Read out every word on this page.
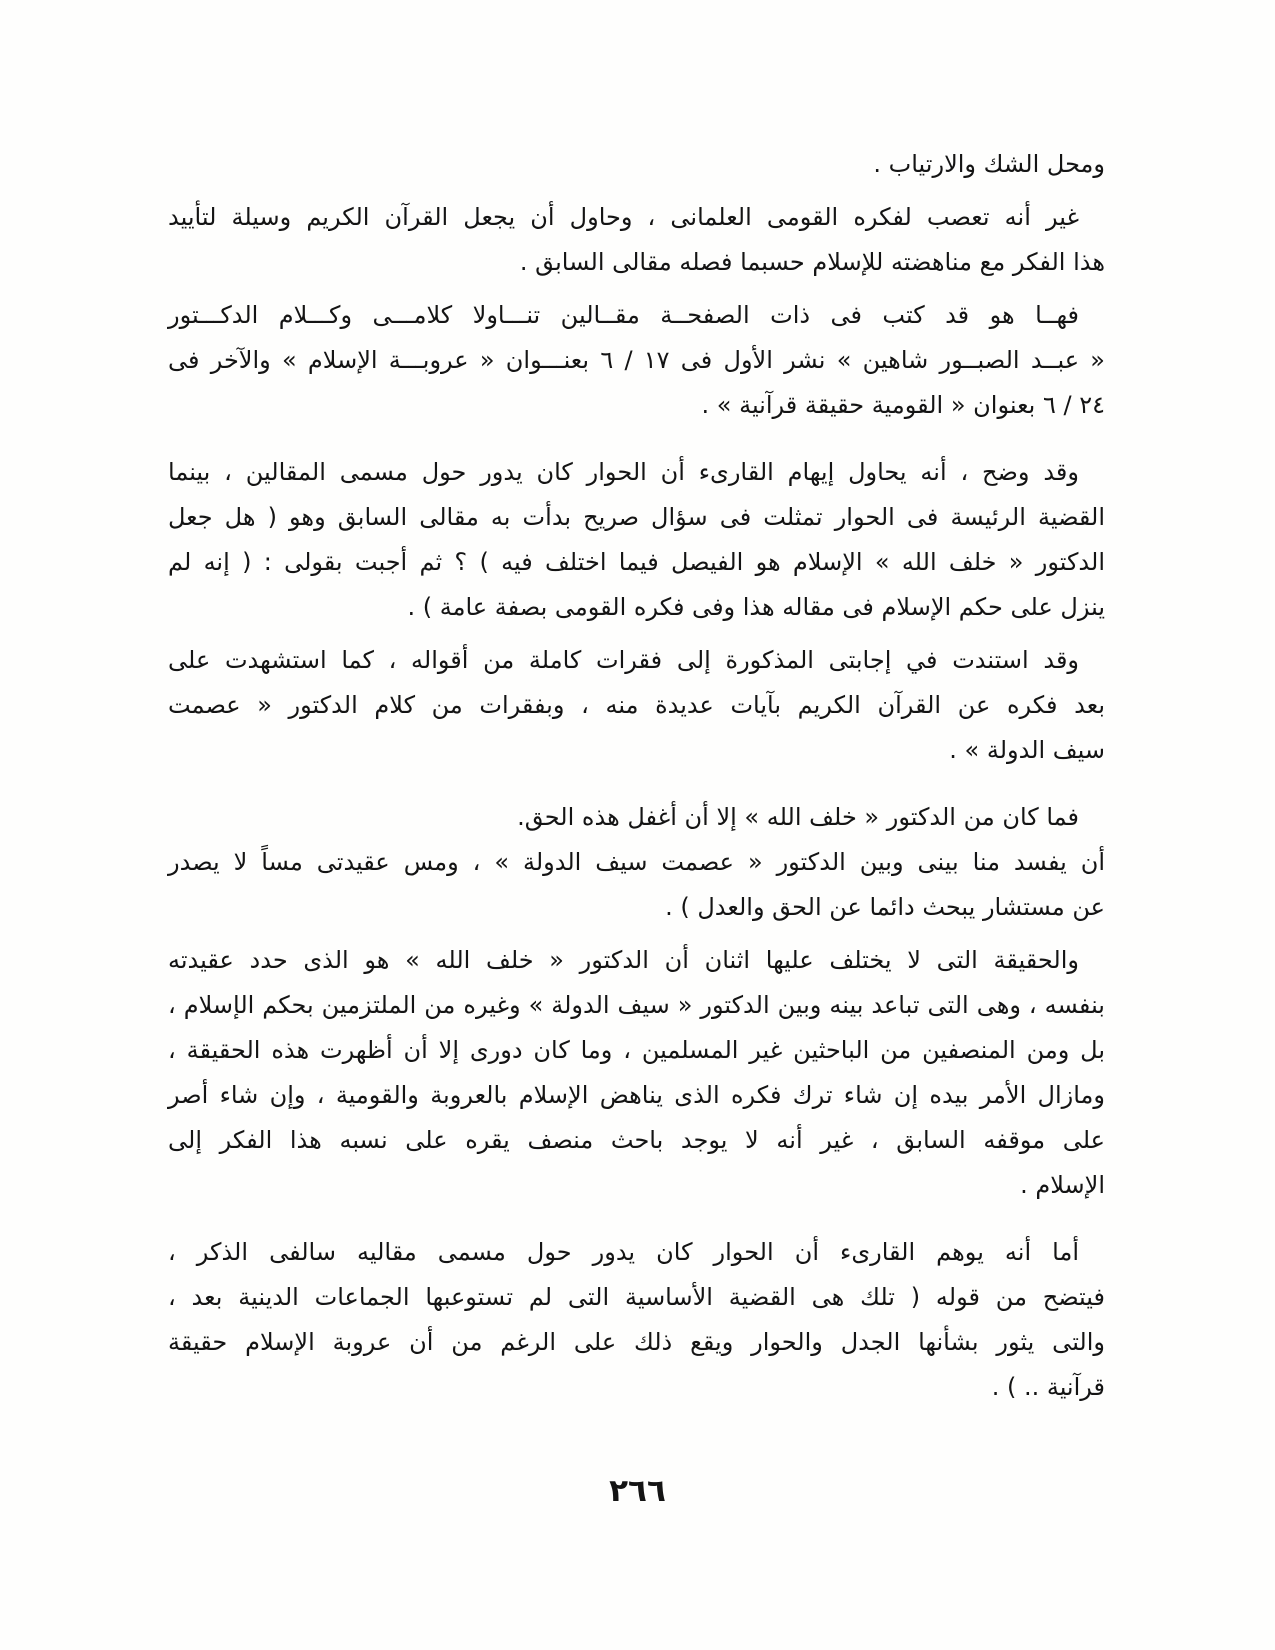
ومحل الشك والارتياب .
غير أنه تعصب لفكره القومى العلمانى ، وحاول أن يجعل القرآن الكريم وسيلة لتأييد
هذا الفكر مع مناهضته للإسلام حسبما فصله مقالى السابق .
فهــا هو قد كتب فى ذات الصفحــة مقــالين تنـــاولا كلامـــى وكـــلام الدكـــتور
« عبــد الصبــور شاهين » نشر الأول فى ١٧ / ٦ بعنـــوان « عروبـــة الإسلام » والآخر فى
٢٤ / ٦ بعنوان « القومية حقيقة قرآنية » .
وقد وضح ، أنه يحاول إيهام القارىء أن الحوار كان يدور حول مسمى المقالين ، بينما
القضية الرئيسة فى الحوار تمثلت فى سؤال صريح بدأت به مقالى السابق وهو ( هل جعل
الدكتور « خلف الله » الإسلام هو الفيصل فيما اختلف فيه ) ؟ ثم أجبت بقولى : ( إنه لم
ينزل على حكم الإسلام فى مقاله هذا وفى فكره القومى بصفة عامة ) .
وقد استندت في إجابتى المذكورة إلى فقرات كاملة من أقواله ، كما استشهدت على
بعد فكره عن القرآن الكريم بآيات عديدة منه ، وبفقرات من كلام الدكتور « عصمت
سيف الدولة » .
فما كان من الدكتور « خلف الله » إلا أن أغفل هذه الحق.
أن يفسد منا بينى وبين الدكتور « عصمت سيف الدولة » ، ومس عقيدتى مساً لا يصدر
عن مستشار يبحث دائما عن الحق والعدل ) .
والحقيقة التى لا يختلف عليها اثنان أن الدكتور « خلف الله » هو الذى حدد عقيدته
بنفسه ، وهى التى تباعد بينه وبين الدكتور « سيف الدولة » وغيره من الملتزمين بحكم الإسلام ،
بل ومن المنصفين من الباحثين غير المسلمين ، وما كان دورى إلا أن أظهرت هذه الحقيقة ،
ومازال الأمر بيده إن شاء ترك فكره الذى يناهض الإسلام بالعروبة والقومية ، وإن شاء أصر
على موقفه السابق ، غير أنه لا يوجد باحث منصف يقره على نسبه هذا الفكر إلى
الإسلام .
أما أنه يوهم القارىء أن الحوار كان يدور حول مسمى مقاليه سالفى الذكر ،
فيتضح من قوله ( تلك هى القضية الأساسية التى لم تستوعبها الجماعات الدينية بعد ،
والتى يثور بشأنها الجدل والحوار ويقع ذلك على الرغم من أن عروبة الإسلام حقيقة
قرآنية .. ) .
٢٦٦
